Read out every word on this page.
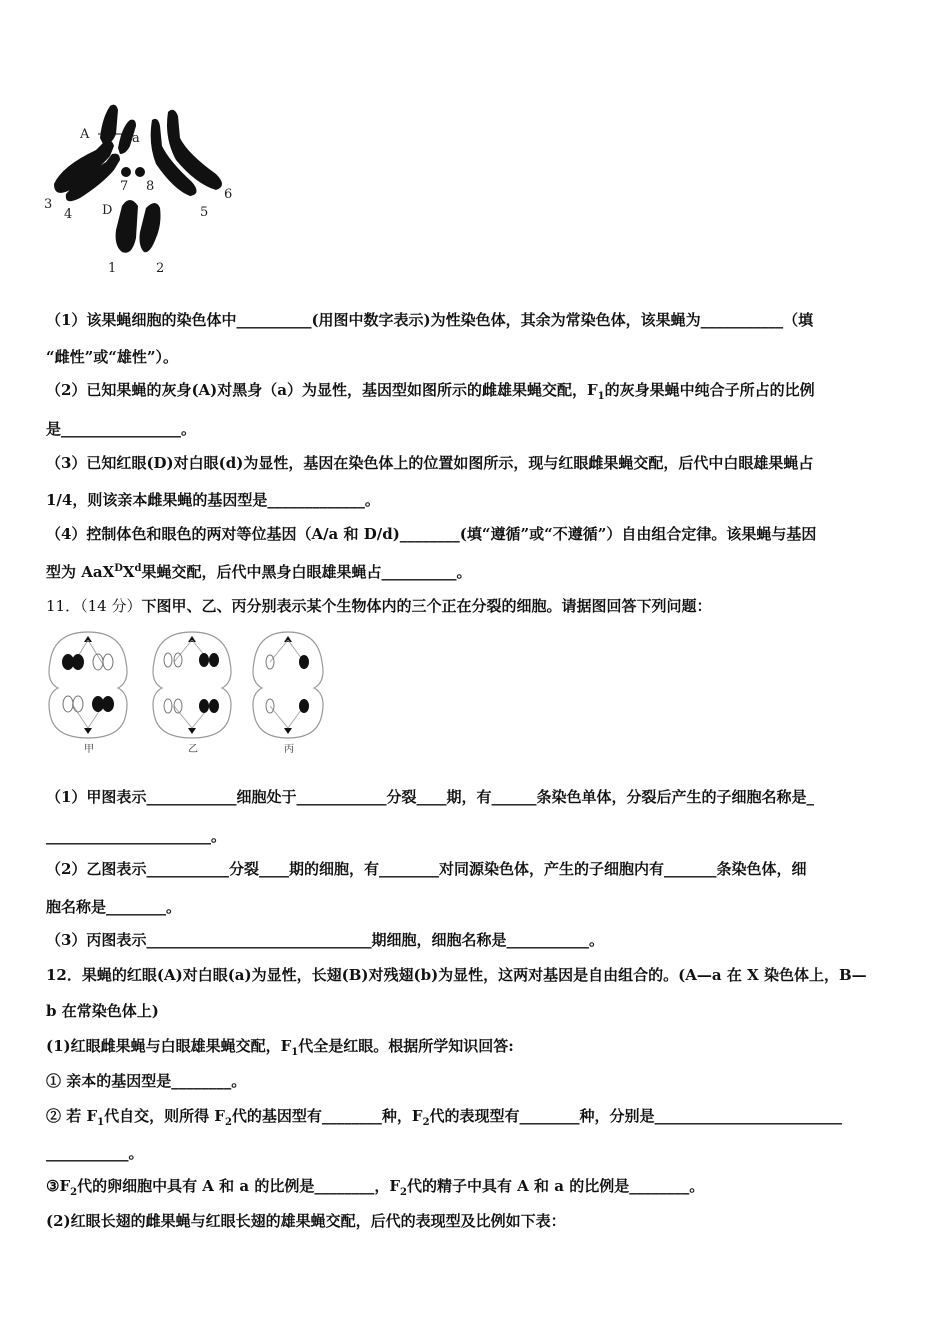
A	a
7 8
3
4 D	5
6
1	2
（1）该果蝇细胞的染色体中__________(用图中数字表示)为性染色体，其余为常染色体，该果蝇为___________（填
“雌性”或“雄性”）。
（2）已知果蝇的灰身(A)对黑身（a）为显性，基因型如图所示的雌雄果蝇交配，$F_1$的灰身果蝇中纯合子所占的比例
是________________。
（3）已知红眼(D)对白眼(d)为显性，基因在染色体上的位置如图所示，现与红眼雌果蝇交配，后代中白眼雄果蝇占
1/4，则该亲本雌果蝇的基因型是_____________。
（4）控制体色和眼色的两对等位基因（A/a 和 D/d)________(填“遵循”或“不遵循”）自由组合定律。该果蝇与基因
型为 $AaX^DX^d$果蝇交配，后代中黑身白眼雄果蝇占__________。
11．（14 分）下图甲、乙、丙分别表示某个生物体内的三个正在分裂的细胞。请据图回答下列问题：
甲	乙	丙
（1）甲图表示____________细胞处于____________分裂____期，有______条染色单体，分裂后产生的子细胞名称是_
______________________。
（2）乙图表示___________分裂____期的细胞，有________对同源染色体，产生的子细胞内有_______条染色体，细
胞名称是________。
（3）丙图表示______________________________期细胞，细胞名称是___________。
12．果蝇的红眼(A)对白眼(a)为显性，长翅(B)对残翅(b)为显性，这两对基因是自由组合的。(A—a 在 X 染色体上，B—
b 在常染色体上)
(1)红眼雌果蝇与白眼雄果蝇交配，$F_1$代全是红眼。根据所学知识回答:
① 亲本的基因型是________。
② 若 $F_1$代自交，则所得 $F_2$代的基因型有________种，$F_2$代的表现型有________种，分别是_________________________
___________。
$③F_2$代的卵细胞中具有 A 和 a 的比例是________，$F_2$代的精子中具有 A 和 a 的比例是________。
(2)红眼长翅的雌果蝇与红眼长翅的雄果蝇交配，后代的表现型及比例如下表：
